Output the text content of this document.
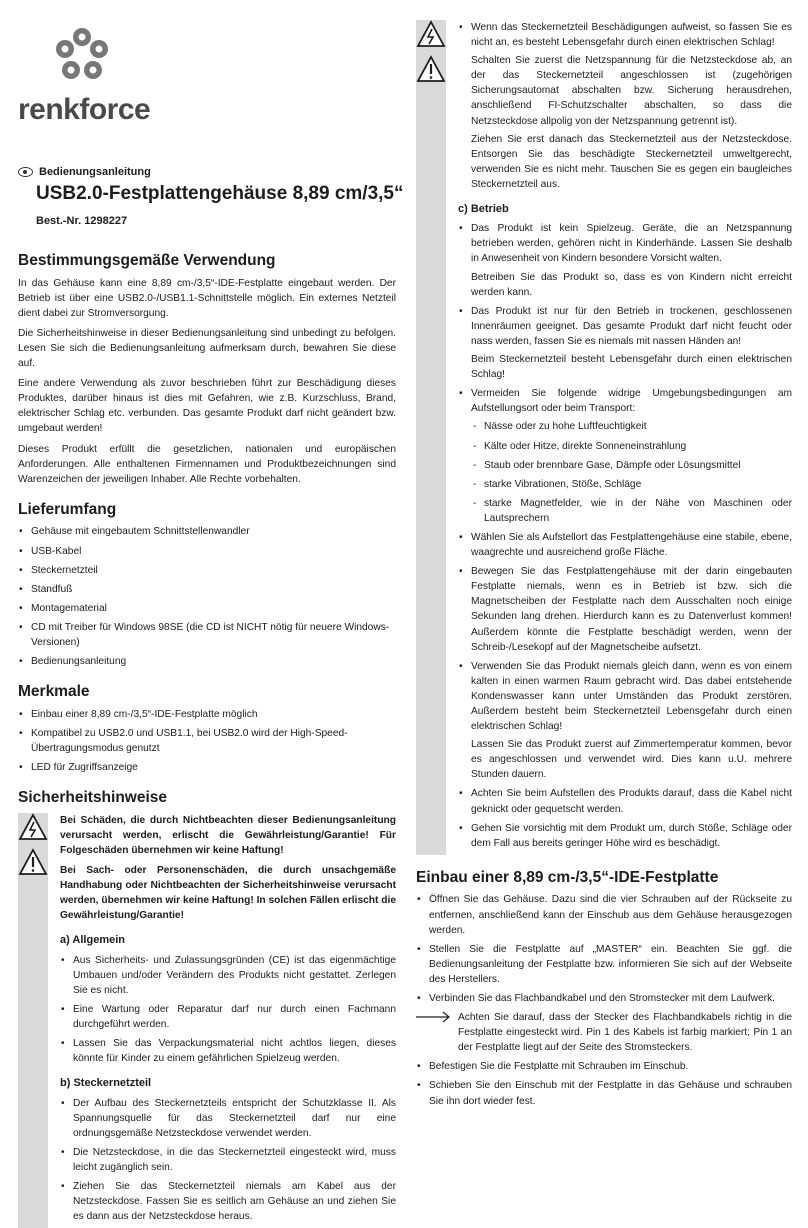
renkforce
Bedienungsanleitung
USB2.0-Festplattengehäuse 8,89 cm/3,5“
Best.-Nr. 1298227
Bestimmungsgemäße Verwendung

In das Gehäuse kann eine 8,89 cm-/3,5“-IDE-Festplatte eingebaut werden. Der Betrieb ist über eine USB2.0-/USB1.1-Schnittstelle möglich. Ein externes Netzteil dient dabei zur Stromversorgung.

Die Sicherheitshinweise in dieser Bedienungsanleitung sind unbedingt zu befolgen. Lesen Sie sich die Bedienungsanleitung aufmerksam durch, bewahren Sie diese auf.

Eine andere Verwendung als zuvor beschrieben führt zur Beschädigung dieses Produktes, darüber hinaus ist dies mit Gefahren, wie z.B. Kurzschluss, Brand, elektrischer Schlag etc. verbunden. Das gesamte Produkt darf nicht geändert bzw. umgebaut werden!

Dieses Produkt erfüllt die gesetzlichen, nationalen und europäischen Anforderungen. Alle enthaltenen Firmennamen und Produktbezeichnungen sind Warenzeichen der jeweiligen Inhaber. Alle Rechte vorbehalten.

Lieferumfang
• Gehäuse mit eingebautem Schnittstellenwandler
• USB-Kabel
• Steckernetzteil
• Standfuß
• Montagematerial
• CD mit Treiber für Windows 98SE (die CD ist NICHT nötig für neuere Windows-Versionen)
• Bedienungsanleitung
Merkmale
• Einbau einer 8,89 cm-/3,5“-IDE-Festplatte möglich
• Kompatibel zu USB2.0 und USB1.1, bei USB2.0 wird der High-Speed-Übertragungsmodus genutzt
• LED für Zugriffsanzeige
Sicherheitshinweise

Bei Schäden, die durch Nichtbeachten dieser Bedienungsanleitung verursacht werden, erlischt die Gewährleistung/Garantie! Für Folgeschäden übernehmen wir keine Haftung!

Bei Sach- oder Personenschäden, die durch unsachgemäße Handhabung oder Nichtbeachten der Sicherheitshinweise verursacht werden, übernehmen wir keine Haftung! In solchen Fällen erlischt die Gewährleistung/Garantie!

a) Allgemein
• Aus Sicherheits- und Zulassungsgründen (CE) ist das eigenmächtige Umbauen und/oder Verändern des Produkts nicht gestattet. Zerlegen Sie es nicht.
• Eine Wartung oder Reparatur darf nur durch einen Fachmann durchgeführt werden.
• Lassen Sie das Verpackungsmaterial nicht achtlos liegen, dieses könnte für Kinder zu einem gefährlichen Spielzeug werden.
b) Steckernetzteil
• Der Aufbau des Steckernetzteils entspricht der Schutzklasse II. Als Spannungsquelle für das Steckernetzteil darf nur eine ordnungsgemäße Netzsteckdose verwendet werden.
• Die Netzsteckdose, in die das Steckernetzteil eingesteckt wird, muss leicht zugänglich sein.
• Ziehen Sie das Steckernetzteil niemals am Kabel aus der Netzsteckdose. Fassen Sie es seitlich am Gehäuse an und ziehen Sie es dann aus der Netzsteckdose heraus.

• Wenn das Steckernetzteil Beschädigungen aufweist, so fassen Sie es nicht an, es besteht Lebensgefahr durch einen elektrischen Schlag!

Schalten Sie zuerst die Netzspannung für die Netzsteckdose ab, an der das Steckernetzteil angeschlossen ist (zugehörigen Sicherungsautomat abschalten bzw. Sicherung herausdrehen, anschließend FI-Schutzschalter abschalten, so dass die Netzsteckdose allpolig von der Netzspannung getrennt ist).

Ziehen Sie erst danach das Steckernetzteil aus der Netzsteckdose. Entsorgen Sie das beschädigte Steckernetzteil umweltgerecht, verwenden Sie es nicht mehr. Tauschen Sie es gegen ein baugleiches Steckernetzteil aus.

c) Betrieb
• Das Produkt ist kein Spielzeug. Geräte, die an Netzspannung betrieben werden, gehören nicht in Kinderhände. Lassen Sie deshalb in Anwesenheit von Kindern besondere Vorsicht walten.

Betreiben Sie das Produkt so, dass es von Kindern nicht erreicht werden kann.

• Das Produkt ist nur für den Betrieb in trockenen, geschlossenen Innenräumen geeignet. Das gesamte Produkt darf nicht feucht oder nass werden, fassen Sie es niemals mit nassen Händen an!

Beim Steckernetzteil besteht Lebensgefahr durch einen elektrischen Schlag!

• Vermeiden Sie folgende widrige Umgebungsbedingungen am Aufstellungsort oder beim Transport:
- Nässe oder zu hohe Luftfeuchtigkeit
- Kälte oder Hitze, direkte Sonneneinstrahlung
- Staub oder brennbare Gase, Dämpfe oder Lösungsmittel
- starke Vibrationen, Stöße, Schläge
- starke Magnetfelder, wie in der Nähe von Maschinen oder Lautsprechern
• Wählen Sie als Aufstellort das Festplattengehäuse eine stabile, ebene, waagrechte und ausreichend große Fläche.
• Bewegen Sie das Festplattengehäuse mit der darin eingebauten Festplatte niemals, wenn es in Betrieb ist bzw. sich die Magnetscheiben der Festplatte nach dem Ausschalten noch einige Sekunden lang drehen. Hierdurch kann es zu Datenverlust kommen! Außerdem könnte die Festplatte beschädigt werden, wenn der Schreib-/Lesekopf auf der Magnetscheibe aufsetzt.
• Verwenden Sie das Produkt niemals gleich dann, wenn es von einem kalten in einen warmen Raum gebracht wird. Das dabei entstehende Kondenswasser kann unter Umständen das Produkt zerstören. Außerdem besteht beim Steckernetzteil Lebensgefahr durch einen elektrischen Schlag!

Lassen Sie das Produkt zuerst auf Zimmertemperatur kommen, bevor es angeschlossen und verwendet wird. Dies kann u.U. mehrere Stunden dauern.

• Achten Sie beim Aufstellen des Produkts darauf, dass die Kabel nicht geknickt oder gequetscht werden.
• Gehen Sie vorsichtig mit dem Produkt um, durch Stöße, Schläge oder dem Fall aus bereits geringer Höhe wird es beschädigt.
Einbau einer 8,89 cm-/3,5“-IDE-Festplatte
• Öffnen Sie das Gehäuse. Dazu sind die vier Schrauben auf der Rückseite zu entfernen, anschließend kann der Einschub aus dem Gehäuse herausgezogen werden.
• Stellen Sie die Festplatte auf „MASTER“ ein. Beachten Sie ggf. die Bedienungsanleitung der Festplatte bzw. informieren Sie sich auf der Webseite des Herstellers.
• Verbinden Sie das Flachbandkabel und den Stromstecker mit dem Laufwerk.

Achten Sie darauf, dass der Stecker des Flachbandkabels richtig in die Festplatte eingesteckt wird. Pin 1 des Kabels ist farbig markiert; Pin 1 an der Festplatte liegt auf der Seite des Stromsteckers.

• Befestigen Sie die Festplatte mit Schrauben im Einschub.
• Schieben Sie den Einschub mit der Festplatte in das Gehäuse und schrauben Sie ihn dort wieder fest.
